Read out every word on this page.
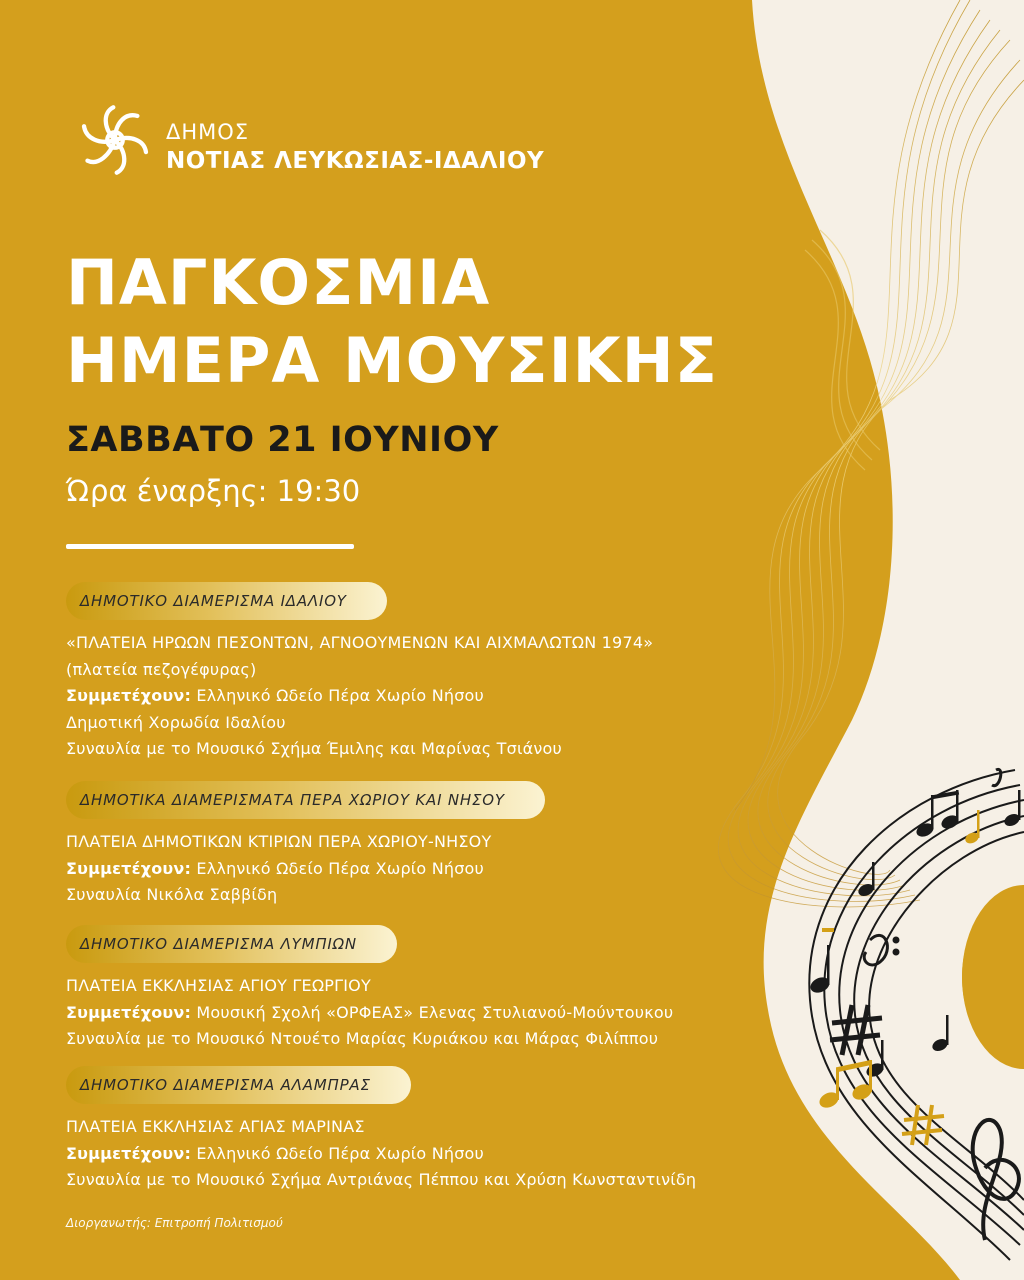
ΔΗΜΟΣ
ΝΟΤΙΑΣ ΛΕΥΚΩΣΙΑΣ-ΙΔΑΛΙΟΥ
ΠΑΓΚΟΣΜΙΑ
ΗΜΕΡΑ ΜΟΥΣΙΚΗΣ
ΣΑΒΒΑΤΟ 21 ΙΟΥΝΙΟΥ
Ώρα έναρξης: 19:30
ΔΗΜΟΤΙΚΟ ΔΙΑΜΕΡΙΣΜΑ ΙΔΑΛΙΟΥ
«ΠΛΑΤΕΙΑ ΗΡΩΩΝ ΠΕΣΟΝΤΩΝ, ΑΓΝΟΟΥΜΕΝΩΝ ΚΑΙ ΑΙΧΜΑΛΩΤΩΝ 1974»
(πλατεία πεζογέφυρας)
Συμμετέχουν: Ελληνικό Ωδείο Πέρα Χωρίο Νήσου
Δημοτική Χορωδία Ιδαλίου
Συναυλία με το Μουσικό Σχήμα Έμιλης και Μαρίνας Τσιάνου
ΔΗΜΟΤΙΚΑ ΔΙΑΜΕΡΙΣΜΑΤΑ ΠΕΡΑ ΧΩΡΙΟΥ ΚΑΙ ΝΗΣΟΥ
ΠΛΑΤΕΙΑ ΔΗΜΟΤΙΚΩΝ ΚΤΙΡΙΩΝ ΠΕΡΑ ΧΩΡΙΟΥ-ΝΗΣΟΥ
Συμμετέχουν: Ελληνικό Ωδείο Πέρα Χωρίο Νήσου
Συναυλία Νικόλα Σαββίδη
ΔΗΜΟΤΙΚΟ ΔΙΑΜΕΡΙΣΜΑ ΛΥΜΠΙΩΝ
ΠΛΑΤΕΙΑ ΕΚΚΛΗΣΙΑΣ ΑΓΙΟΥ ΓΕΩΡΓΙΟΥ
Συμμετέχουν: Μουσική Σχολή «ΟΡΦΕΑΣ» Ελενας Στυλιανού-Μούντουκου
Συναυλία με το Μουσικό Ντουέτο Μαρίας Κυριάκου και Μάρας Φιλίππου
ΔΗΜΟΤΙΚΟ ΔΙΑΜΕΡΙΣΜΑ ΑΛΑΜΠΡΑΣ
ΠΛΑΤΕΙΑ ΕΚΚΛΗΣΙΑΣ ΑΓΙΑΣ ΜΑΡΙΝΑΣ
Συμμετέχουν: Ελληνικό Ωδείο Πέρα Χωρίο Νήσου
Συναυλία με το Μουσικό Σχήμα Αντριάνας Πέππου και Χρύση Κωνσταντινίδη
Διοργανωτής: Επιτροπή Πολιτισμού
